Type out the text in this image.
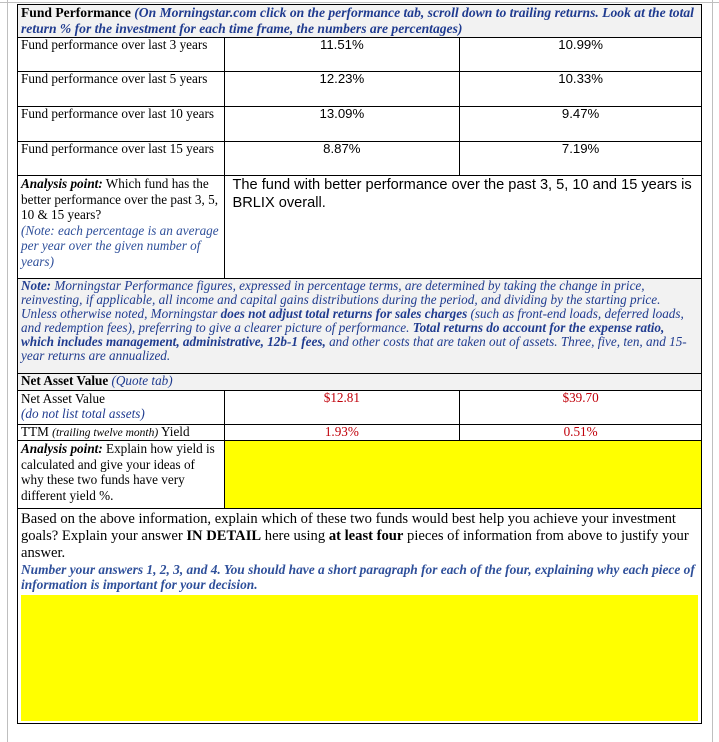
Fund Performance (On Morningstar.com click on the performance tab, scroll down to trailing returns. Look at the total return % for the investment for each time frame, the numbers are percentages)		
Fund performance over last 3 years	11.51%	10.99%
Fund performance over last 5 years	12.23%	10.33%
Fund performance over last 10 years	13.09%	9.47%
Fund performance over last 15 years	8.87%	7.19%
Analysis point: Which fund has the better performance over the past 3, 5, 10 & 15 years?
(Note: each percentage is an average per year over the given number of years)	The fund with better performance over the past 3, 5, 10 and 15 years is BRLIX overall.	
Note: Morningstar Performance figures, expressed in percentage terms, are determined by taking the change in price, reinvesting, if applicable, all income and capital gains distributions during the period, and dividing by the starting price. Unless otherwise noted, Morningstar does not adjust total returns for sales charges (such as front-end loads, deferred loads, and redemption fees), preferring to give a clearer picture of performance. Total returns do account for the expense ratio, which includes management, administrative, 12b-1 fees, and other costs that are taken out of assets. Three, five, ten, and 15-year returns are annualized.		
Net Asset Value (Quote tab)		
Net Asset Value
(do not list total assets)	$12.81	$39.70
TTM (trailing twelve month) Yield	1.93%	0.51%
Analysis point: Explain how yield is calculated and give your ideas of why these two funds have very different yield %.		

Based on the above information, explain which of these two funds would best help you achieve your investment goals? Explain your answer IN DETAIL here using at least four pieces of information from above to justify your answer.
Number your answers 1, 2, 3, and 4. You should have a short paragraph for each of the four, explaining why each piece of information is important for your decision.		
